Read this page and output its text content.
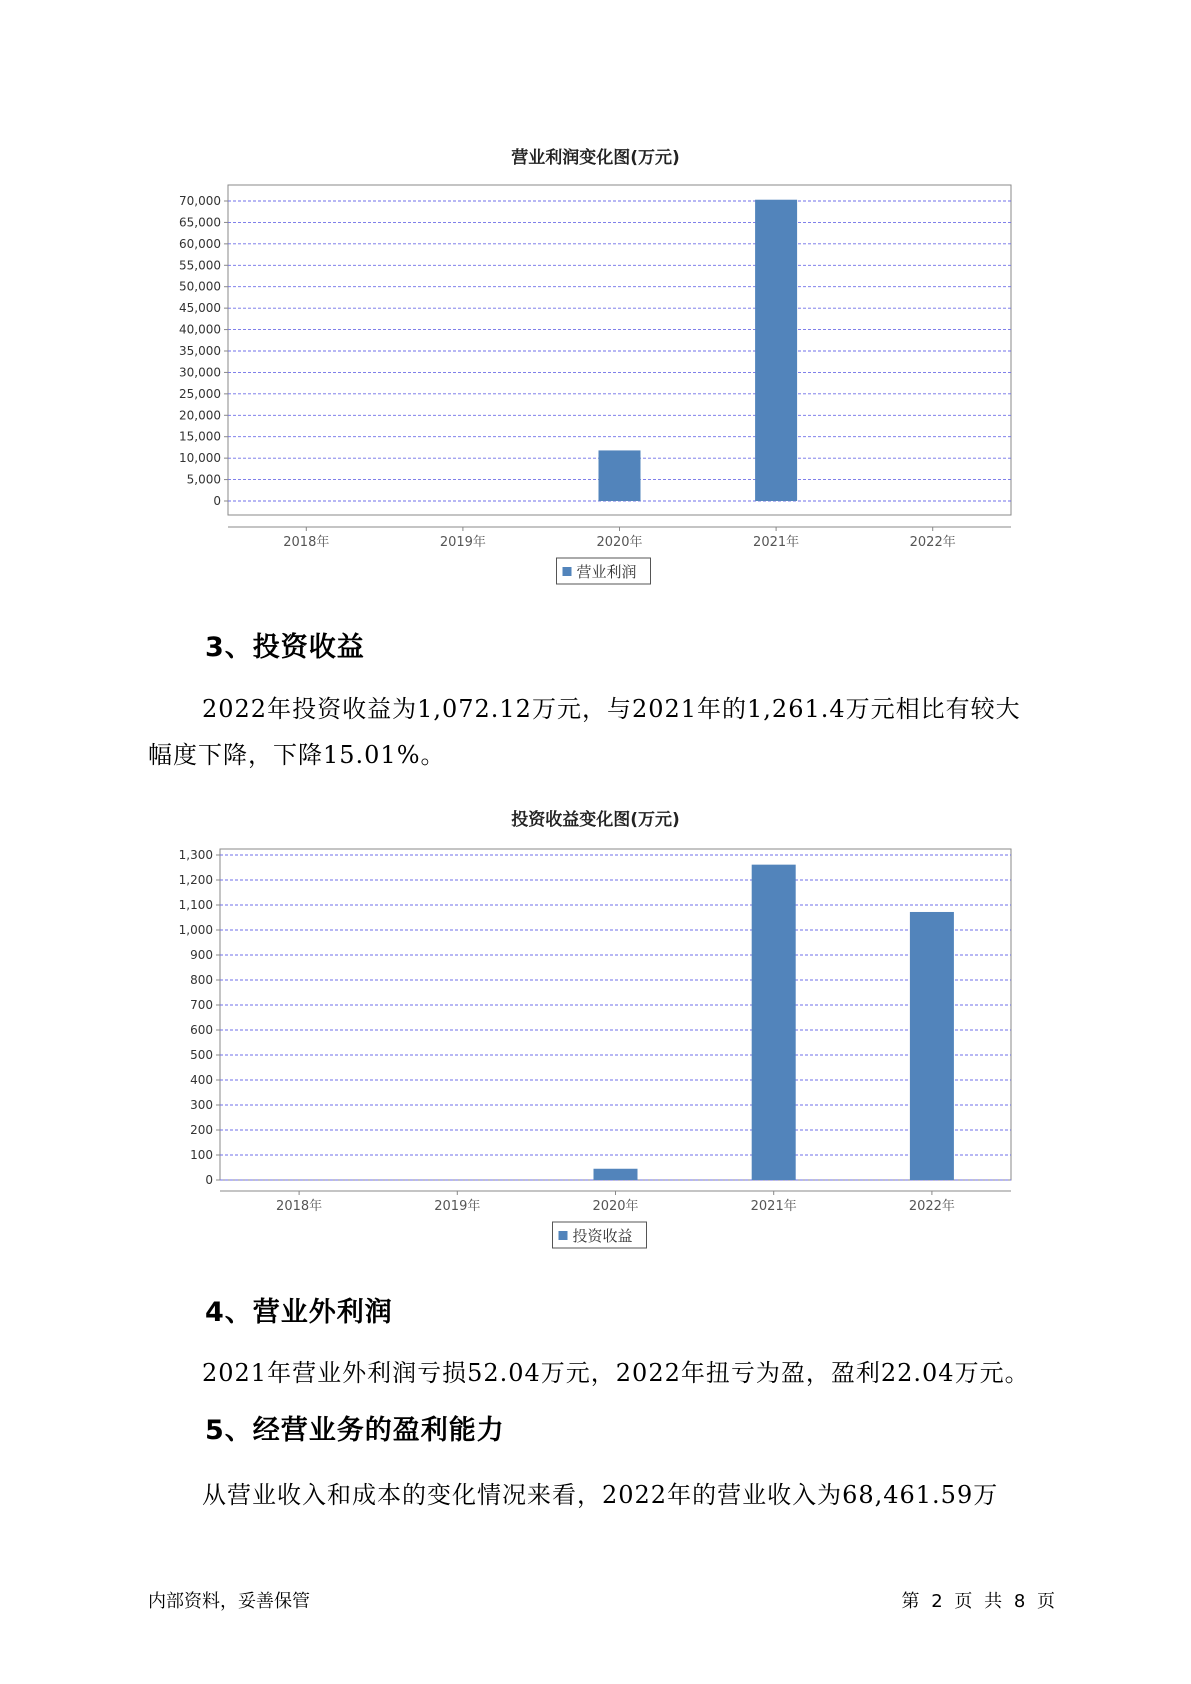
营业利润变化图(万元)
70,000
65,000
60,000
55,000
50,000
45,000
40,000
35,000
30,000
25,000
20,000
15,000
10,000
5,000
0
2018年	2019年	2020年	2021年	2022年
营业利润
3、投资收益
2022年投资收益为1,072.12万元，与2021年的1,261.4万元相比有较大
幅度下降，下降15.01%。
投资收益变化图(万元)
1,300
1,200
1,100
1,000
900
800
700
600
500
400
300
200
100
0
2018年	2019年	2020年	2021年	2022年
投资收益
4、营业外利润
2021年营业外利润亏损52.04万元，2022年扭亏为盈，盈利22.04万元。
5、经营业务的盈利能力
从营业收入和成本的变化情况来看，2022年的营业收入为68,461.59万
内部资料，妥善保管	第 2 页 共 8 页
